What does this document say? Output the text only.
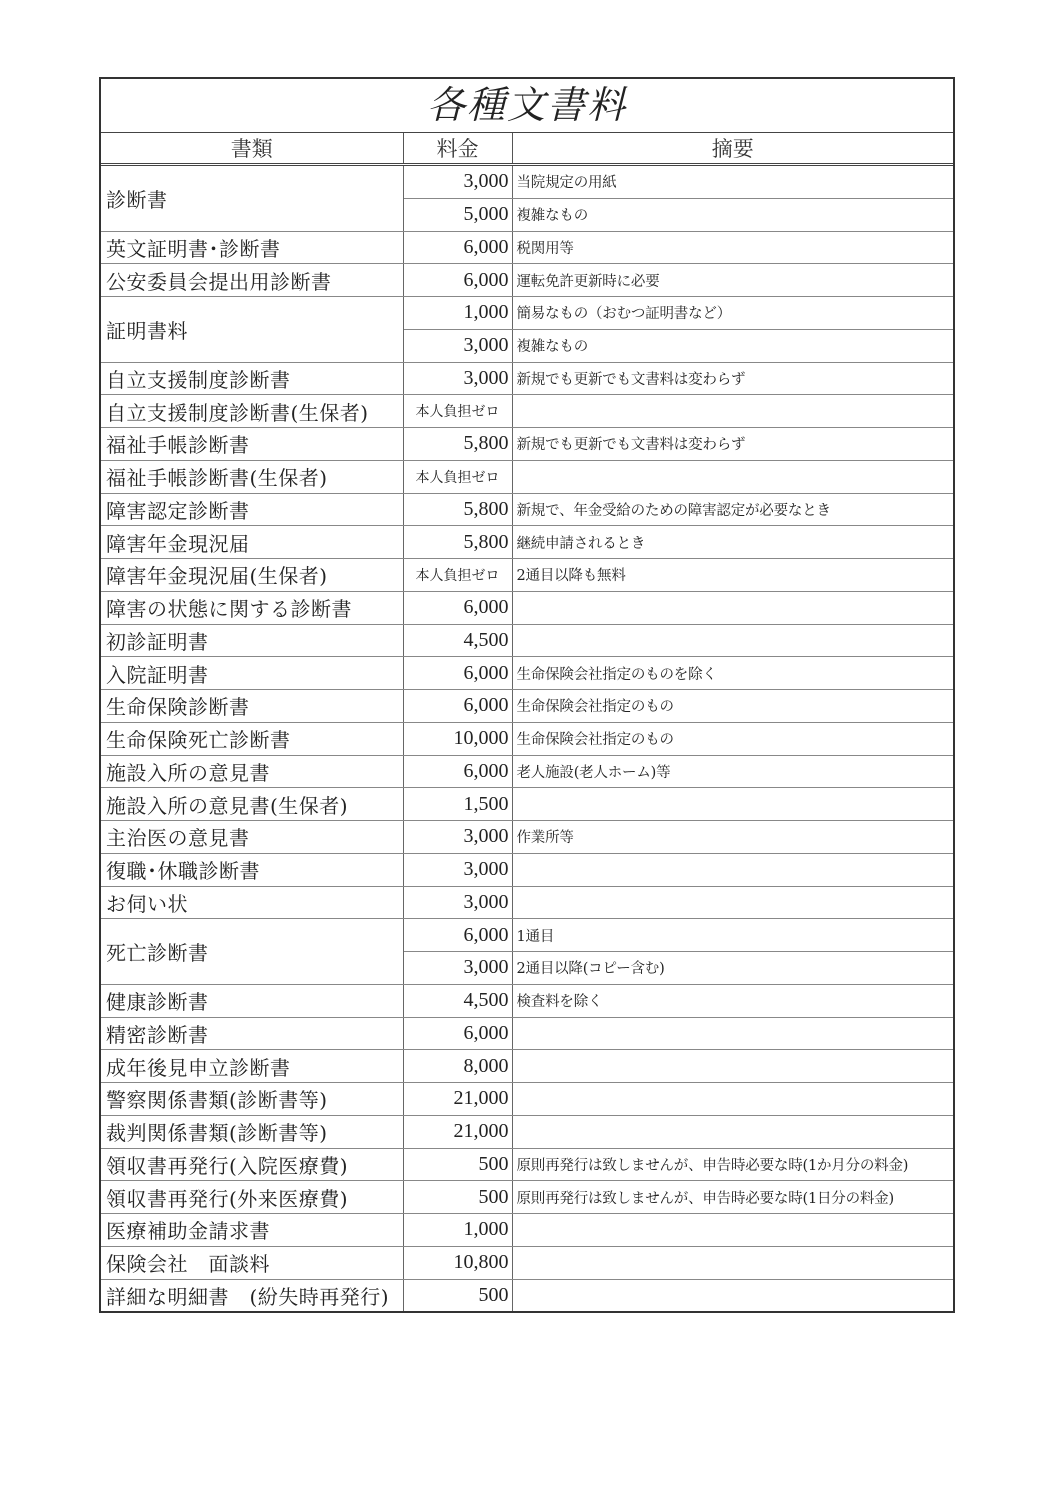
各種文書料
書類	料金	摘要
診断書	3,000	当院規定の用紙
	5,000	複雑なもの
英文証明書･診断書	6,000	税関用等
公安委員会提出用診断書	6,000	運転免許更新時に必要
証明書料	1,000	簡易なもの（おむつ証明書など）
	3,000	複雑なもの
自立支援制度診断書	3,000	新規でも更新でも文書料は変わらず
自立支援制度診断書(生保者)	本人負担ゼロ	
福祉手帳診断書	5,800	新規でも更新でも文書料は変わらず
福祉手帳診断書(生保者)	本人負担ゼロ	
障害認定診断書	5,800	新規で、年金受給のための障害認定が必要なとき
障害年金現況届	5,800	継続申請されるとき
障害年金現況届(生保者)	本人負担ゼロ	2通目以降も無料
障害の状態に関する診断書	6,000	
初診証明書	4,500	
入院証明書	6,000	生命保険会社指定のものを除く
生命保険診断書	6,000	生命保険会社指定のもの
生命保険死亡診断書	10,000	生命保険会社指定のもの
施設入所の意見書	6,000	老人施設(老人ホーム)等
施設入所の意見書(生保者)	1,500	
主治医の意見書	3,000	作業所等
復職･休職診断書	3,000	
お伺い状	3,000	
死亡診断書	6,000	1通目
	3,000	2通目以降(コピー含む)
健康診断書	4,500	検査料を除く
精密診断書	6,000	
成年後見申立診断書	8,000	
警察関係書類(診断書等)	21,000	
裁判関係書類(診断書等)	21,000	
領収書再発行(入院医療費)	500	原則再発行は致しませんが、申告時必要な時(1か月分の料金)
領収書再発行(外来医療費)	500	原則再発行は致しませんが、申告時必要な時(1日分の料金)
医療補助金請求書	1,000	
保険会社　面談料	10,800	
詳細な明細書　(紛失時再発行)	500	
